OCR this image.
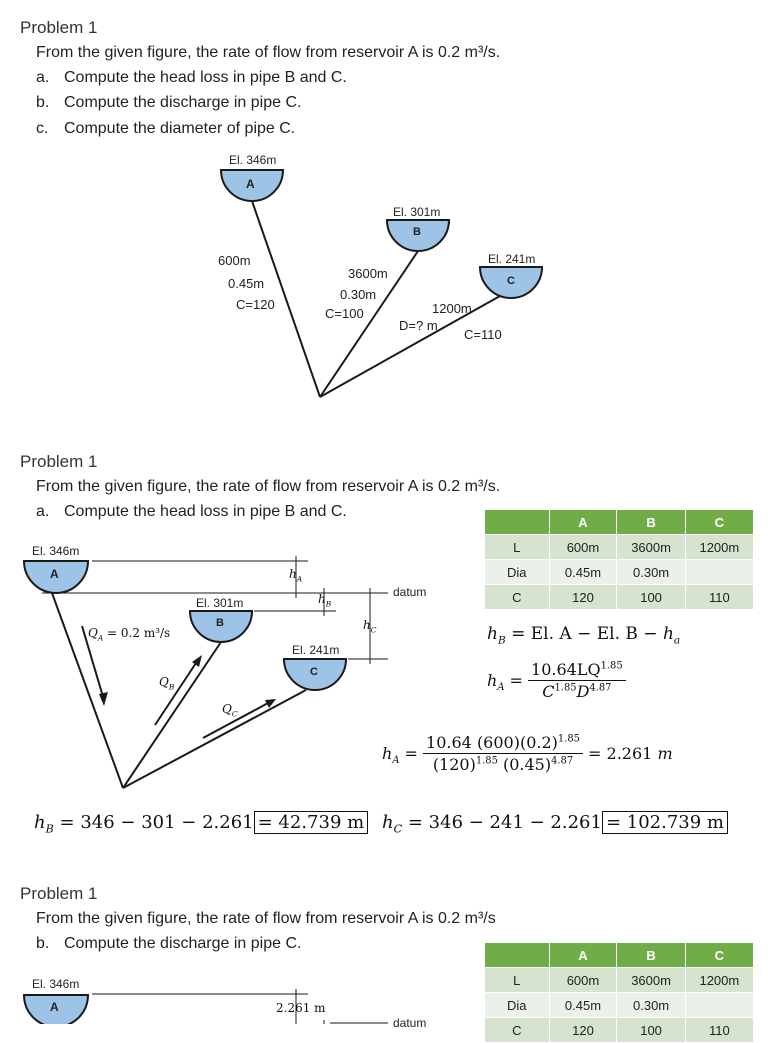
Problem 1
From the given figure, the rate of flow from reservoir A is 0.2 m³/s.
a. Compute the head loss in pipe B and C.
b. Compute the discharge in pipe C.
c. Compute the diameter of pipe C.
El. 346m
A
El. 301m
B
El. 241m
C
600m
0.45m
C=120
3600m
0.30m
C=100	1200m
D=? m
C=110
Problem 1
From the given figure, the rate of flow from reservoir A is 0.2 m³/s.
a. Compute the head loss in pipe B and C.
	A	B	C
L	600m	3600m	1200m
Dia	0.45m	0.30m	
C	120	100	110
El. 346m
A
El. 301m
B
El. 241m
C
datum
$h_A$
$h_B$
$h_C$
$Q_A = 0.2$ m³/s
$Q_B$
$Q_C$
$h_B = El$. A − El. $B - h_a$
$h_A = \frac{10.64LQ^{1.85}}{C^{1.85}D^{4.87}}$
$h_A = \frac{10.64 (600)(0.2)^{1.85}}{(120)^{1.85} (0.45)^{4.87}} = 2.261$ m
$h_B = 346 - 301 - 2.261 = 42.739$ m $h_C = 346 - 241 - 2.261 = 102.739$ m
Problem 1
From the given figure, the rate of flow from reservoir A is 0.2 m³/s
b. Compute the discharge in pipe C.
	A	B	C
L	600m	3600m	1200m
Dia	0.45m	0.30m	
C	120	100	110
El. 346m
A	2.261 m
datum
